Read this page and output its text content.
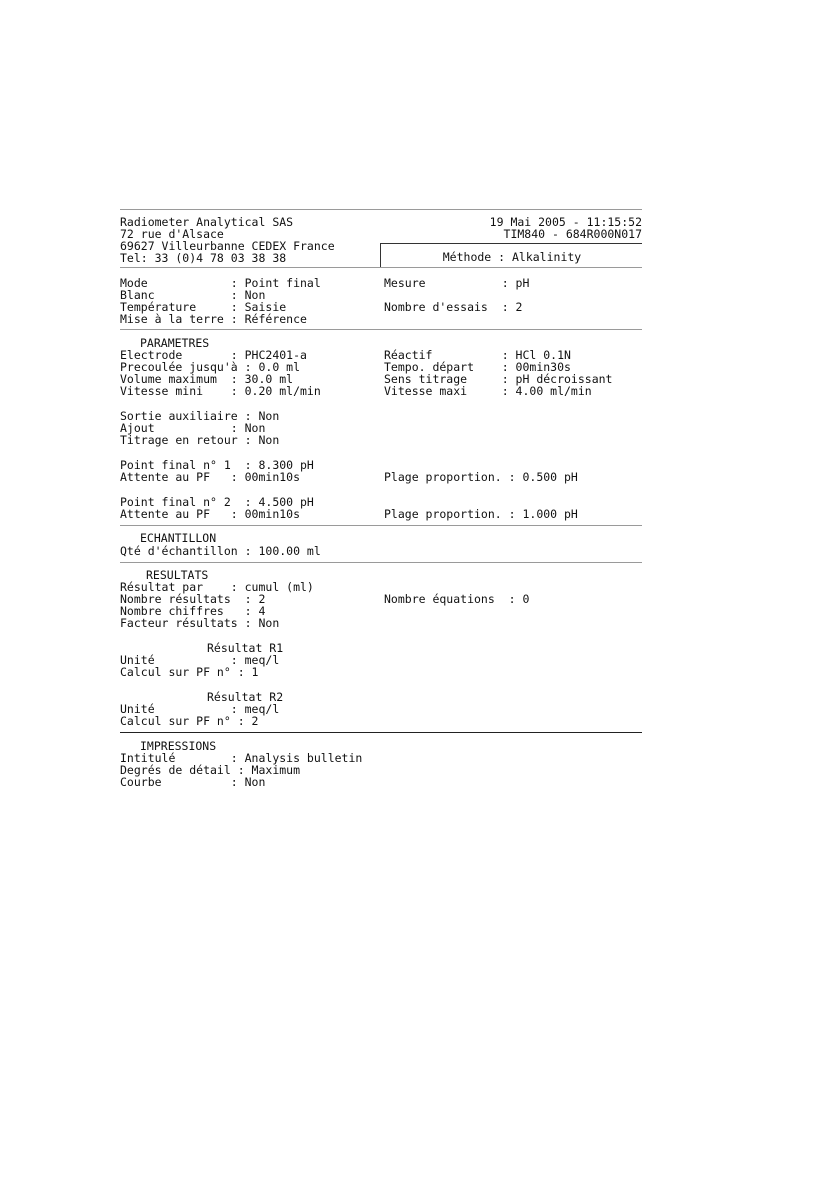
Radiometer Analytical SAS
72 rue d'Alsace
69627 Villeurbanne CEDEX France
Tel: 33 (0)4 78 03 38 38
19 Mai 2005 - 11:15:52
TIM840 - 684R000N017
Méthode : Alkalinity
Mode            : Point final
Blanc           : Non
Température     : Saisie
Mise à la terre : Référence
Mesure           : pH
Nombre d'essais  : 2
PARAMETRES
Electrode       : PHC2401-a
Precoulée jusqu'à : 0.0 ml
Volume maximum  : 30.0 ml
Vitesse mini    : 0.20 ml/min
Sortie auxiliaire : Non
Ajout           : Non
Titrage en retour : Non
Point final n° 1  : 8.300 pH
Attente au PF   : 00min10s
Point final n° 2  : 4.500 pH
Attente au PF   : 00min10s
Réactif          : HCl 0.1N
Tempo. départ    : 00min30s
Sens titrage     : pH décroissant
Vitesse maxi     : 4.00 ml/min
Plage proportion. : 0.500 pH
Plage proportion. : 1.000 pH
ECHANTILLON
Qté d'échantillon : 100.00 ml
RESULTATS
Résultat par    : cumul (ml)
Nombre résultats  : 2
Nombre chiffres   : 4
Facteur résultats : Non
Nombre équations  : 0
Résultat R1
Unité           : meq/l
Calcul sur PF n° : 1
Résultat R2
Unité           : meq/l
Calcul sur PF n° : 2
IMPRESSIONS
Intitulé        : Analysis bulletin
Degrés de détail : Maximum
Courbe          : Non
